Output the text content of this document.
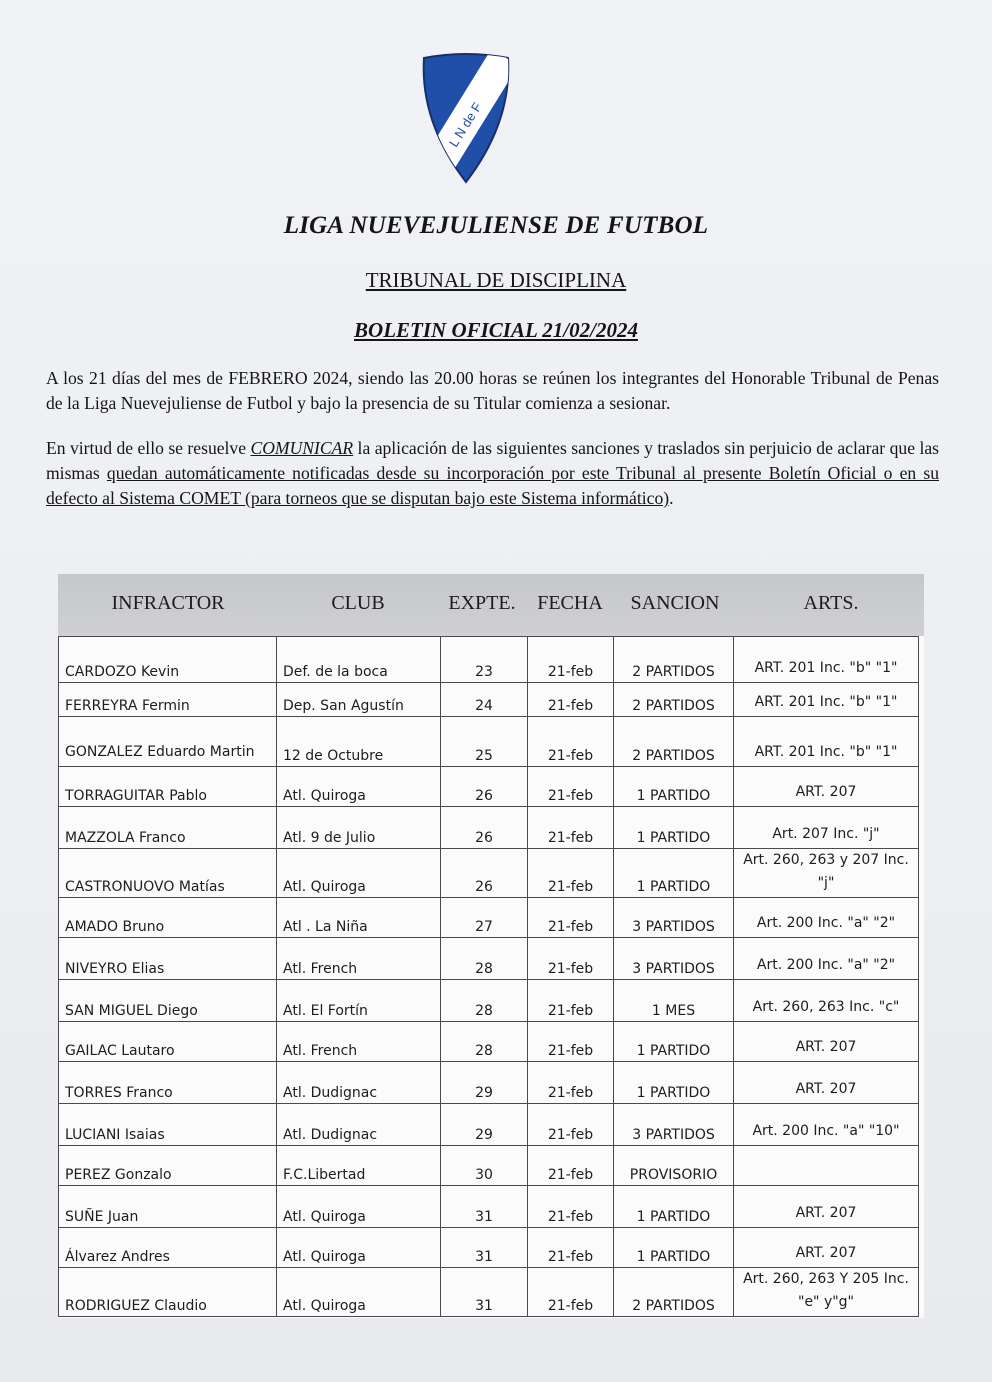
L N de F
LIGA NUEVEJULIENSE DE FUTBOL
TRIBUNAL DE DISCIPLINA
BOLETIN OFICIAL 21/02/2024
A los 21 días del mes de FEBRERO 2024, siendo las 20.00 horas se reúnen los integrantes del Honorable Tribunal de Penas de la Liga Nuevejuliense de Futbol y bajo la presencia de su Titular comienza a sesionar.
En virtud de ello se resuelve COMUNICAR la aplicación de las siguientes sanciones y traslados sin perjuicio de aclarar que las mismas quedan automáticamente notificadas desde su incorporación por este Tribunal al presente Boletín Oficial o en su defecto al Sistema COMET (para torneos que se disputan bajo este Sistema informático).
INFRACTOR	CLUB	EXPTE.	FECHA	SANCION	ARTS.
CARDOZO Kevin	Def. de la boca	23	21-feb	2 PARTIDOS	ART. 201 Inc. "b" "1"
FERREYRA Fermin	Dep. San Agustín	24	21-feb	2 PARTIDOS	ART. 201 Inc. "b" "1"
GONZALEZ Eduardo Martin	12 de Octubre	25	21-feb	2 PARTIDOS	ART. 201 Inc. "b" "1"
TORRAGUITAR Pablo	Atl. Quiroga	26	21-feb	1 PARTIDO	ART. 207
MAZZOLA Franco	Atl. 9 de Julio	26	21-feb	1 PARTIDO	Art. 207 Inc. "j"
CASTRONUOVO Matías	Atl. Quiroga	26	21-feb	1 PARTIDO	Art. 260, 263 y 207 Inc. "j"
AMADO Bruno	Atl . La Niña	27	21-feb	3 PARTIDOS	Art. 200 Inc. "a" "2"
NIVEYRO Elias	Atl. French	28	21-feb	3 PARTIDOS	Art. 200 Inc. "a" "2"
SAN MIGUEL Diego	Atl. El Fortín	28	21-feb	1 MES	Art. 260, 263 Inc. "c"
GAILAC Lautaro	Atl. French	28	21-feb	1 PARTIDO	ART. 207
TORRES Franco	Atl. Dudignac	29	21-feb	1 PARTIDO	ART. 207
LUCIANI Isaias	Atl. Dudignac	29	21-feb	3 PARTIDOS	Art. 200 Inc. "a" "10"
PEREZ Gonzalo	F.C.Libertad	30	21-feb	PROVISORIO	
SUÑE Juan	Atl. Quiroga	31	21-feb	1 PARTIDO	ART. 207
Álvarez Andres	Atl. Quiroga	31	21-feb	1 PARTIDO	ART. 207
RODRIGUEZ Claudio	Atl. Quiroga	31	21-feb	2 PARTIDOS	Art. 260, 263 Y 205 Inc. "e" y"g"
